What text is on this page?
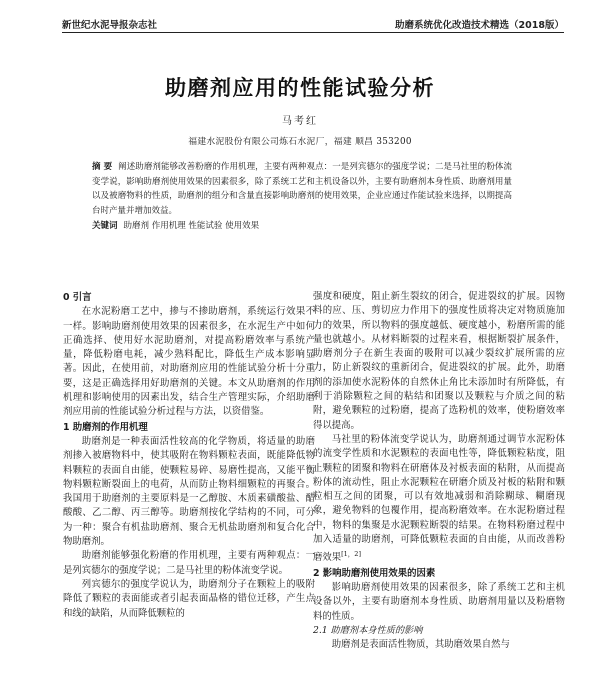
新世纪水泥导报杂志社	助磨系统优化改造技术精选（2018版）
助磨剂应用的性能试验分析
马考红
福建水泥股份有限公司炼石水泥厂，福建 顺昌 353200
摘 要 阐述助磨剂能够改善粉磨的作用机理，主要有两种观点：一是列宾德尔的强度学说；二是马社里的粉体流变学说，影响助磨剂使用效果的因素很多，除了系统工艺和主机设备以外，主要有助磨剂本身性质、助磨剂用量以及被磨物料的性质，助磨剂的组分和含量直接影响助磨剂的使用效果，企业应通过作能试验来选择，以期提高台时产量并增加效益。
关键词 助磨剂 作用机理 性能试验 使用效果
0 引言

在水泥粉磨工艺中，掺与不掺助磨剂，系统运行效果不一样。影响助磨剂使用效果的因素很多，在水泥生产中如何正确选择、使用好水泥助磨剂，对提高粉磨效率与系统产量，降低粉磨电耗，减少熟料配比，降低生产成本影响显著。因此，在使用前，对助磨剂应用的性能试验分析十分重要，这是正确选择用好助磨剂的关键。本文从助磨剂的作用机理和影响使用的因素出发，结合生产管理实际，介绍助磨剂应用前的性能试验分析过程与方法，以资借鉴。

1 助磨剂的作用机理

助磨剂是一种表面活性较高的化学物质，将适量的助磨剂掺入被磨物料中，使其吸附在物料颗粒表面，既能降低物料颗粒的表面自由能，使颗粒易碎、易磨性提高，又能平衡物料颗粒断裂面上的电荷，从而防止物料细颗粒的再聚合。我国用于助磨剂的主要原料是一乙醇胺、木质素磺酸盐、醋酸酸、乙二醇、丙三醇等。助磨剂按化学结构的不同，可分为一种：聚合有机盐助磨剂、聚合无机盐助磨剂和复合化合物助磨剂。

助磨剂能够强化粉磨的作用机理，主要有两种观点：一是列宾德尔的强度学说；二是马社里的粉体流变学说。

列宾德尔的强度学说认为，助磨剂分子在颗粒上的吸附降低了颗粒的表面能或者引起表面晶格的错位迁移，产生点和线的缺陷，从而降低颗粒的

强度和硬度，阻止新生裂纹的闭合，促进裂纹的扩展。因物料的应、压、剪切应力作用下的强度性质将决定对物质施加力的效果，所以物料的强度越低、硬度越小，粉磨所需的能量也就越小。从材料断裂的过程来看，根据断裂扩展条件，助磨剂分子在新生表面的吸附可以减少裂纹扩展所需的应力，防止新裂纹的重新闭合，促进裂纹的扩展。此外，助磨剂的添加使水泥粉体的自然休止角比未添加时有所降低，有利于消除颗粒之间的粘结和团聚以及颗粒与介质之间的粘附，避免颗粒的过粉磨，提高了选粉机的效率，使粉磨效率得以提高。

马社里的粉体流变学说认为，助磨剂通过调节水泥粉体的流变学性质和水泥颗粒的表面电性等，降低颗粒粘度，阻止颗粒的团聚和物料在研磨体及衬板表面的粘附，从而提高粉体的流动性，阻止水泥颗粒在研磨介质及衬板的粘附和颗粒相互之间的团聚，可以有效地减弱和消除糊球、糊磨现象，避免物料的包覆作用，提高粉磨效率。在水泥粉磨过程中，物料的集聚是水泥颗粒断裂的结果。在物料粉磨过程中加入适量的助磨剂，可降低颗粒表面的自由能，从而改善粉磨效果[1，2]

2 影响助磨剂使用效果的因素

影响助磨剂使用效果的因素很多，除了系统工艺和主机设备以外，主要有助磨剂本身性质、助磨剂用量以及粉磨物料的性质。

2.1 助磨剂本身性质的影响

助磨剂是表面活性物质，其助磨效果自然与
